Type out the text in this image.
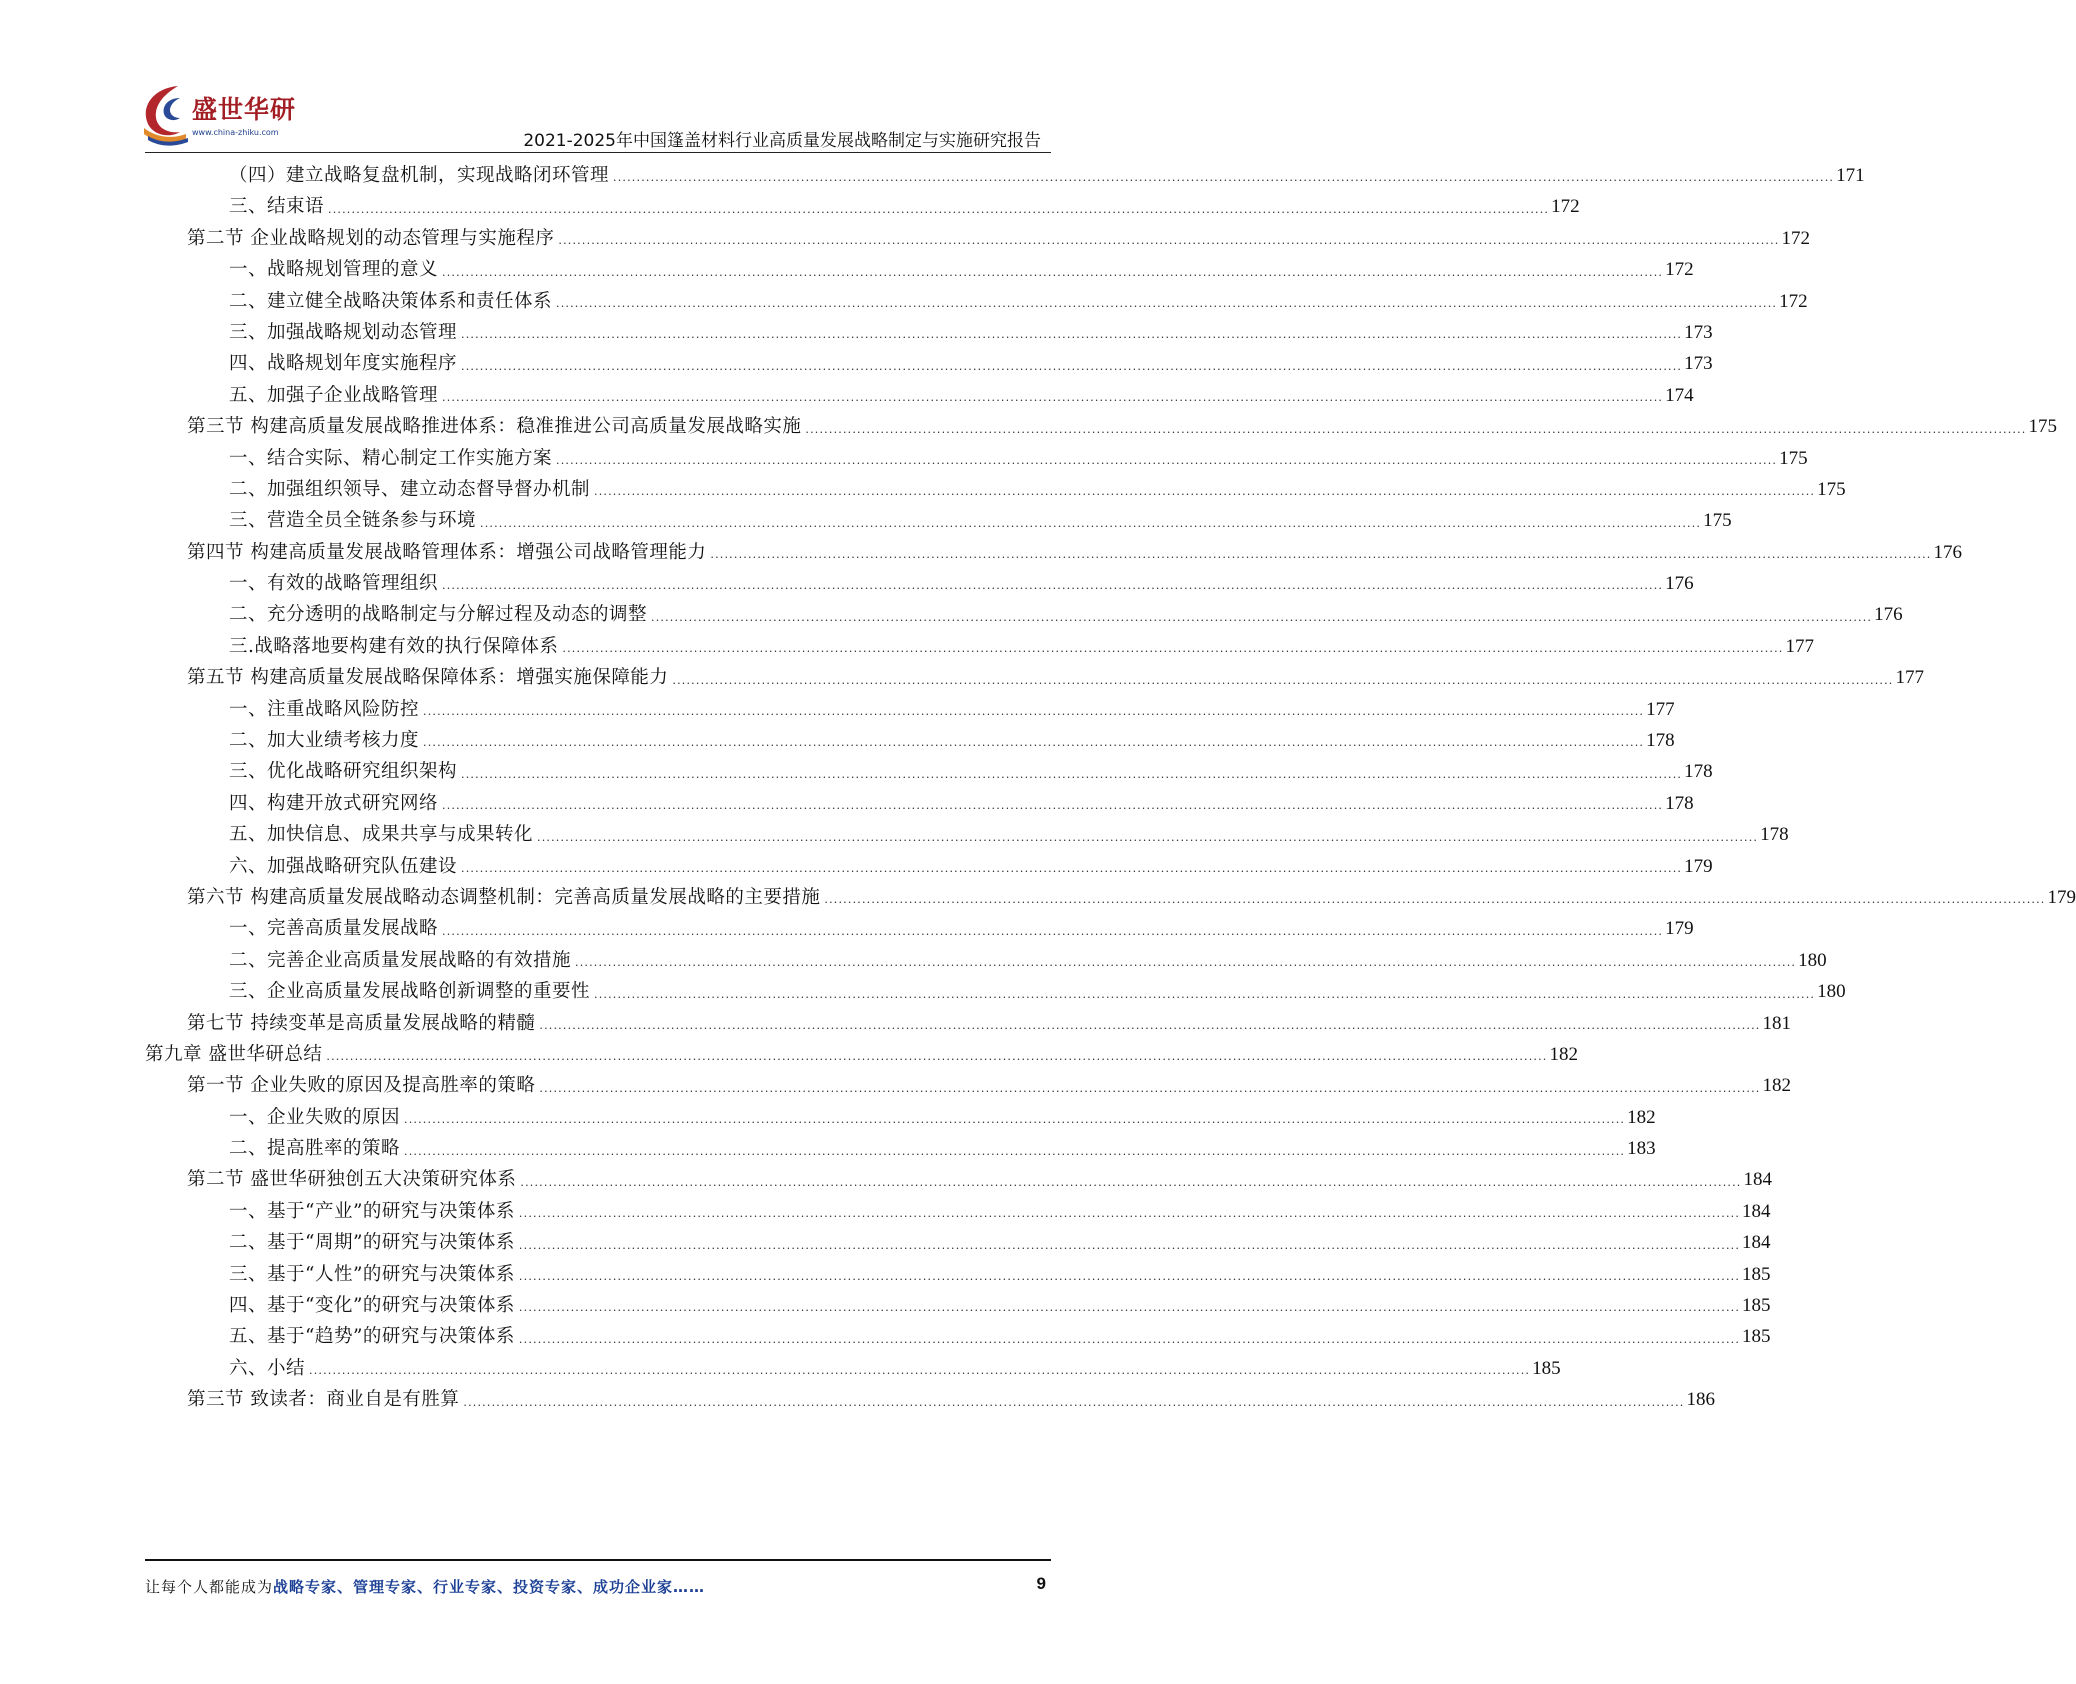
盛世华研
www.china-zhiku.com	2021-2025年中国篷盖材料行业高质量发展战略制定与实施研究报告
（四）建立战略复盘机制，实现战略闭环管理 .................................................................................................................................................................................................................................................................... 171
三、结束语 .................................................................................................................................................................................................................................................................... 172
第二节 企业战略规划的动态管理与实施程序 .................................................................................................................................................................................................................................................................... 172
一、战略规划管理的意义 .................................................................................................................................................................................................................................................................... 172
二、建立健全战略决策体系和责任体系 .................................................................................................................................................................................................................................................................... 172
三、加强战略规划动态管理 .................................................................................................................................................................................................................................................................... 173
四、战略规划年度实施程序 .................................................................................................................................................................................................................................................................... 173
五、加强子企业战略管理 .................................................................................................................................................................................................................................................................... 174
第三节 构建高质量发展战略推进体系：稳准推进公司高质量发展战略实施 .................................................................................................................................................................................................................................................................... 175
一、结合实际、精心制定工作实施方案 .................................................................................................................................................................................................................................................................... 175
二、加强组织领导、建立动态督导督办机制 .................................................................................................................................................................................................................................................................... 175
三、营造全员全链条参与环境 .................................................................................................................................................................................................................................................................... 175
第四节 构建高质量发展战略管理体系：增强公司战略管理能力 .................................................................................................................................................................................................................................................................... 176
一、有效的战略管理组织 .................................................................................................................................................................................................................................................................... 176
二、充分透明的战略制定与分解过程及动态的调整 .................................................................................................................................................................................................................................................................... 176
三.战略落地要构建有效的执行保障体系 .................................................................................................................................................................................................................................................................... 177
第五节 构建高质量发展战略保障体系：增强实施保障能力 .................................................................................................................................................................................................................................................................... 177
一、注重战略风险防控 .................................................................................................................................................................................................................................................................... 177
二、加大业绩考核力度 .................................................................................................................................................................................................................................................................... 178
三、优化战略研究组织架构 .................................................................................................................................................................................................................................................................... 178
四、构建开放式研究网络 .................................................................................................................................................................................................................................................................... 178
五、加快信息、成果共享与成果转化 .................................................................................................................................................................................................................................................................... 178
六、加强战略研究队伍建设 .................................................................................................................................................................................................................................................................... 179
第六节 构建高质量发展战略动态调整机制：完善高质量发展战略的主要措施 .................................................................................................................................................................................................................................................................... 179
一、完善高质量发展战略 .................................................................................................................................................................................................................................................................... 179
二、完善企业高质量发展战略的有效措施 .................................................................................................................................................................................................................................................................... 180
三、企业高质量发展战略创新调整的重要性 .................................................................................................................................................................................................................................................................... 180
第七节 持续变革是高质量发展战略的精髓 .................................................................................................................................................................................................................................................................... 181
第九章 盛世华研总结 .................................................................................................................................................................................................................................................................... 182
第一节 企业失败的原因及提高胜率的策略 .................................................................................................................................................................................................................................................................... 182
一、企业失败的原因 .................................................................................................................................................................................................................................................................... 182
二、提高胜率的策略 .................................................................................................................................................................................................................................................................... 183
第二节 盛世华研独创五大决策研究体系 .................................................................................................................................................................................................................................................................... 184
一、基于“产业”的研究与决策体系 .................................................................................................................................................................................................................................................................... 184
二、基于“周期”的研究与决策体系 .................................................................................................................................................................................................................................................................... 184
三、基于“人性”的研究与决策体系 .................................................................................................................................................................................................................................................................... 185
四、基于“变化”的研究与决策体系 .................................................................................................................................................................................................................................................................... 185
五、基于“趋势”的研究与决策体系 .................................................................................................................................................................................................................................................................... 185
六、小结 .................................................................................................................................................................................................................................................................... 185
第三节 致读者：商业自是有胜算 .................................................................................................................................................................................................................................................................... 186
让每个人都能成为战略专家、管理专家、行业专家、投资专家、成功企业家……	9
